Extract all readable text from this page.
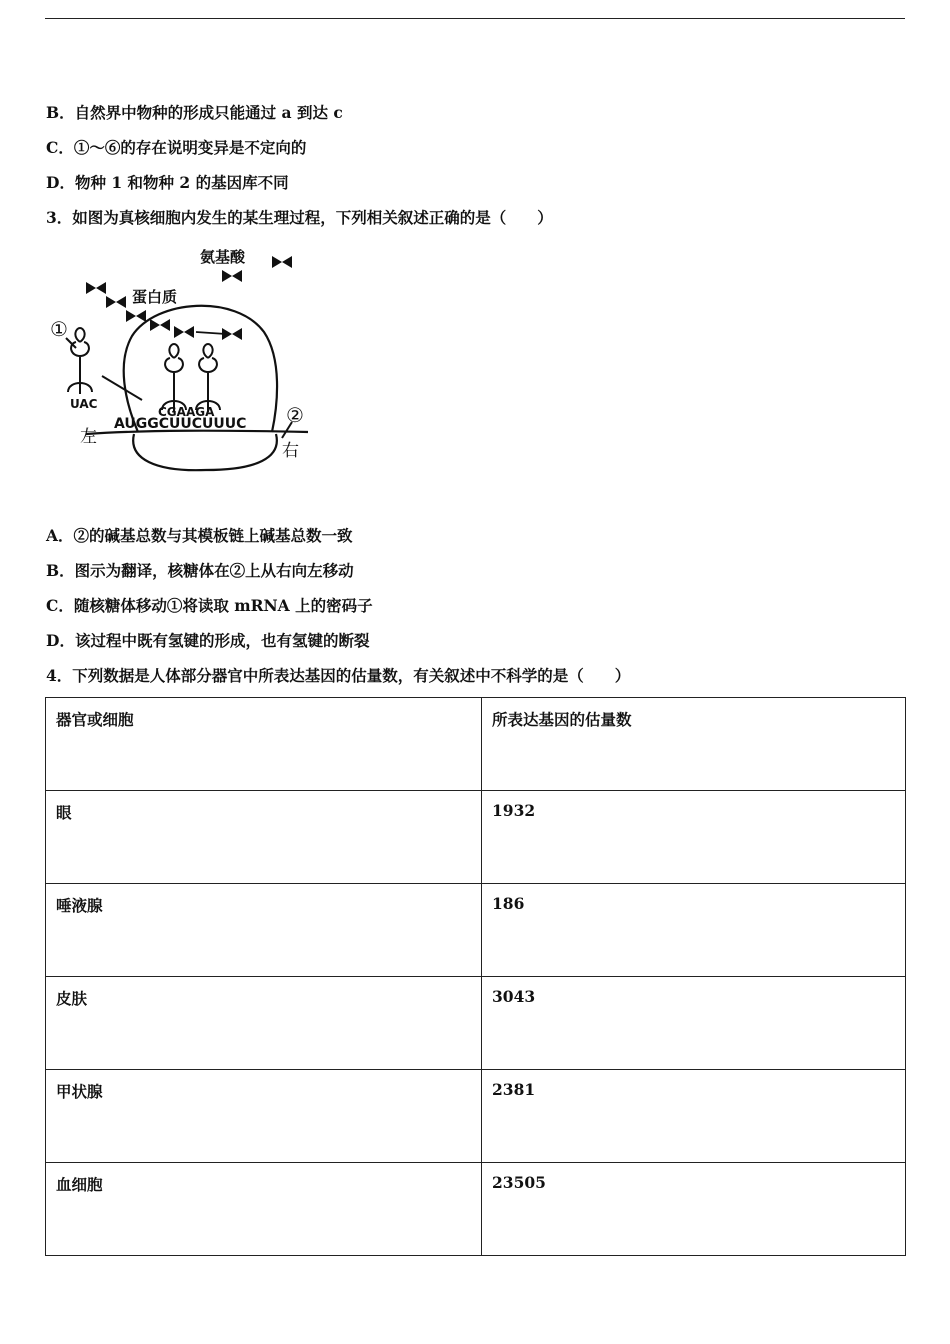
B．自然界中物种的形成只能通过 a 到达 c
C．①～⑥的存在说明变异是不定向的
D．物种 1 和物种 2 的基因库不同
3．如图为真核细胞内发生的某生理过程，下列相关叙述正确的是（　　）
氨基酸
蛋白质
①
②
UAC
CGAAGA
AUGGCUUCUUUC
左
右
A．②的碱基总数与其模板链上碱基总数一致
B．图示为翻译，核糖体在②上从右向左移动
C．随核糖体移动①将读取 mRNA 上的密码子
D．该过程中既有氢键的形成，也有氢键的断裂
4．下列数据是人体部分器官中所表达基因的估量数，有关叙述中不科学的是（　　）
器官或细胞	所表达基因的估量数
眼	1932
唾液腺	186
皮肤	3043
甲状腺	2381
血细胞	23505
